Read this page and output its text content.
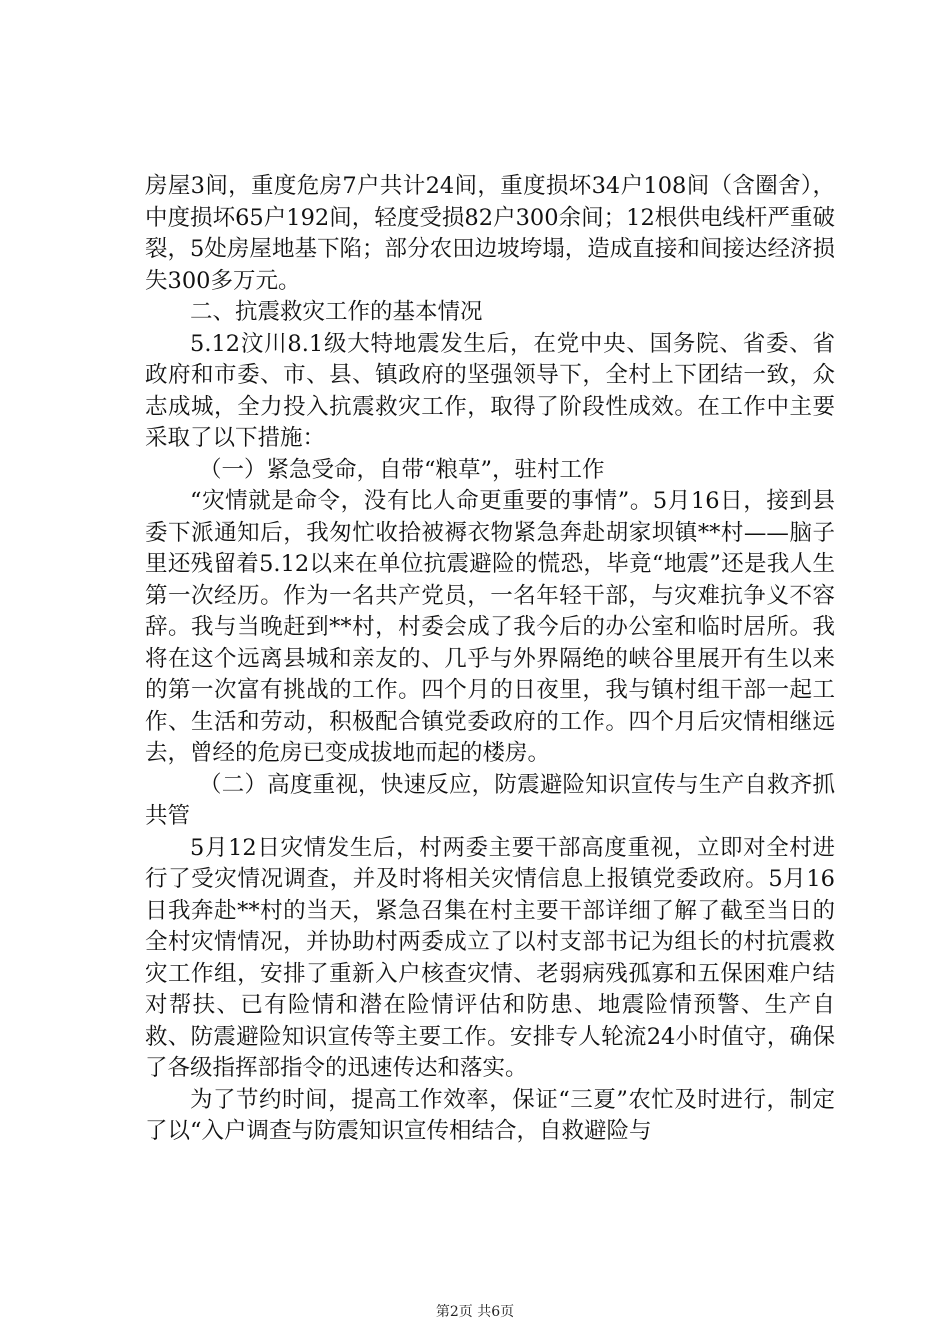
房屋3间，重度危房7户共计24间，重度损坏34户108间（含圈舍），中度损坏65户192间，轻度受损82户300余间；12根供电线杆严重破裂，5处房屋地基下陷；部分农田边坡垮塌，造成直接和间接达经济损失300多万元。

二、抗震救灾工作的基本情况

5.12汶川8.1级大特地震发生后，在党中央、国务院、省委、省政府和市委、市、县、镇政府的坚强领导下，全村上下团结一致，众志成城，全力投入抗震救灾工作，取得了阶段性成效。在工作中主要采取了以下措施：

（一）紧急受命，自带“粮草”，驻村工作

“灾情就是命令，没有比人命更重要的事情”。5月16日，接到县委下派通知后，我匆忙收拾被褥衣物紧急奔赴胡家坝镇**村——脑子里还残留着5.12以来在单位抗震避险的慌恐，毕竟“地震”还是我人生第一次经历。作为一名共产党员，一名年轻干部，与灾难抗争义不容辞。我与当晚赶到**村，村委会成了我今后的办公室和临时居所。我将在这个远离县城和亲友的、几乎与外界隔绝的峡谷里展开有生以来的第一次富有挑战的工作。四个月的日夜里，我与镇村组干部一起工作、生活和劳动，积极配合镇党委政府的工作。四个月后灾情相继远去，曾经的危房已变成拔地而起的楼房。

（二）高度重视，快速反应，防震避险知识宣传与生产自救齐抓共管

5月12日灾情发生后，村两委主要干部高度重视，立即对全村进行了受灾情况调查，并及时将相关灾情信息上报镇党委政府。5月16日我奔赴**村的当天，紧急召集在村主要干部详细了解了截至当日的全村灾情情况，并协助村两委成立了以村支部书记为组长的村抗震救灾工作组，安排了重新入户核查灾情、老弱病残孤寡和五保困难户结对帮扶、已有险情和潜在险情评估和防患、地震险情预警、生产自救、防震避险知识宣传等主要工作。安排专人轮流24小时值守，确保了各级指挥部指令的迅速传达和落实。

为了节约时间，提高工作效率，保证“三夏”农忙及时进行，制定了以“入户调查与防震知识宣传相结合，自救避险与

第2页 共6页
